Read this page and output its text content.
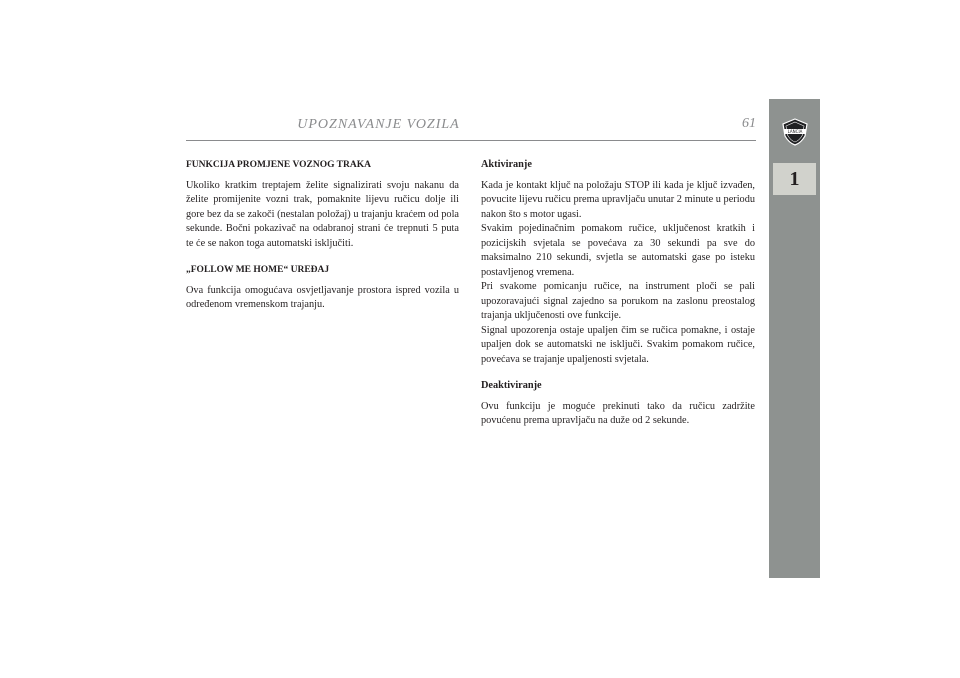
UPOZNAVANJE VOZILA	61
LANCIA
1
FUNKCIJA PROMJENE VOZNOG TRAKA

Ukoliko kratkim treptajem želite signalizirati svoju nakanu da želite promijenite vozni trak, pomaknite lijevu ručicu dolje ili gore bez da se zakoči (nestalan položaj) u trajanju kraćem od pola sekunde. Bočni pokazivač na odabranoj strani će trepnuti 5 puta te će se nakon toga automatski isključiti.

„FOLLOW ME HOME“ UREĐAJ

Ova funkcija omogućava osvjetljavanje prostora ispred vozila u određenom vremenskom trajanju.

Aktiviranje

Kada je kontakt ključ na položaju STOP ili kada je ključ izvađen, povucite lijevu ručicu prema upravljaču unutar 2 minute u periodu nakon što s motor ugasi.

Svakim pojedinačnim pomakom ručice, uključenost kratkih i pozicijskih svjetala se povećava za 30 sekundi pa sve do maksimalno 210 sekundi, svjetla se automatski gase po isteku postavljenog vremena.

Pri svakome pomicanju ručice, na instrument ploči se pali upozoravajući signal zajedno sa porukom na zaslonu preostalog trajanja uključenosti ove funkcije.

Signal upozorenja ostaje upaljen čim se ručica pomakne, i ostaje upaljen dok se automatski ne isključi. Svakim pomakom ručice, povećava se trajanje upaljenosti svjetala.

Deaktiviranje

Ovu funkciju je moguće prekinuti tako da ručicu zadržite povućenu prema upravljaču na duže od 2 sekunde.
